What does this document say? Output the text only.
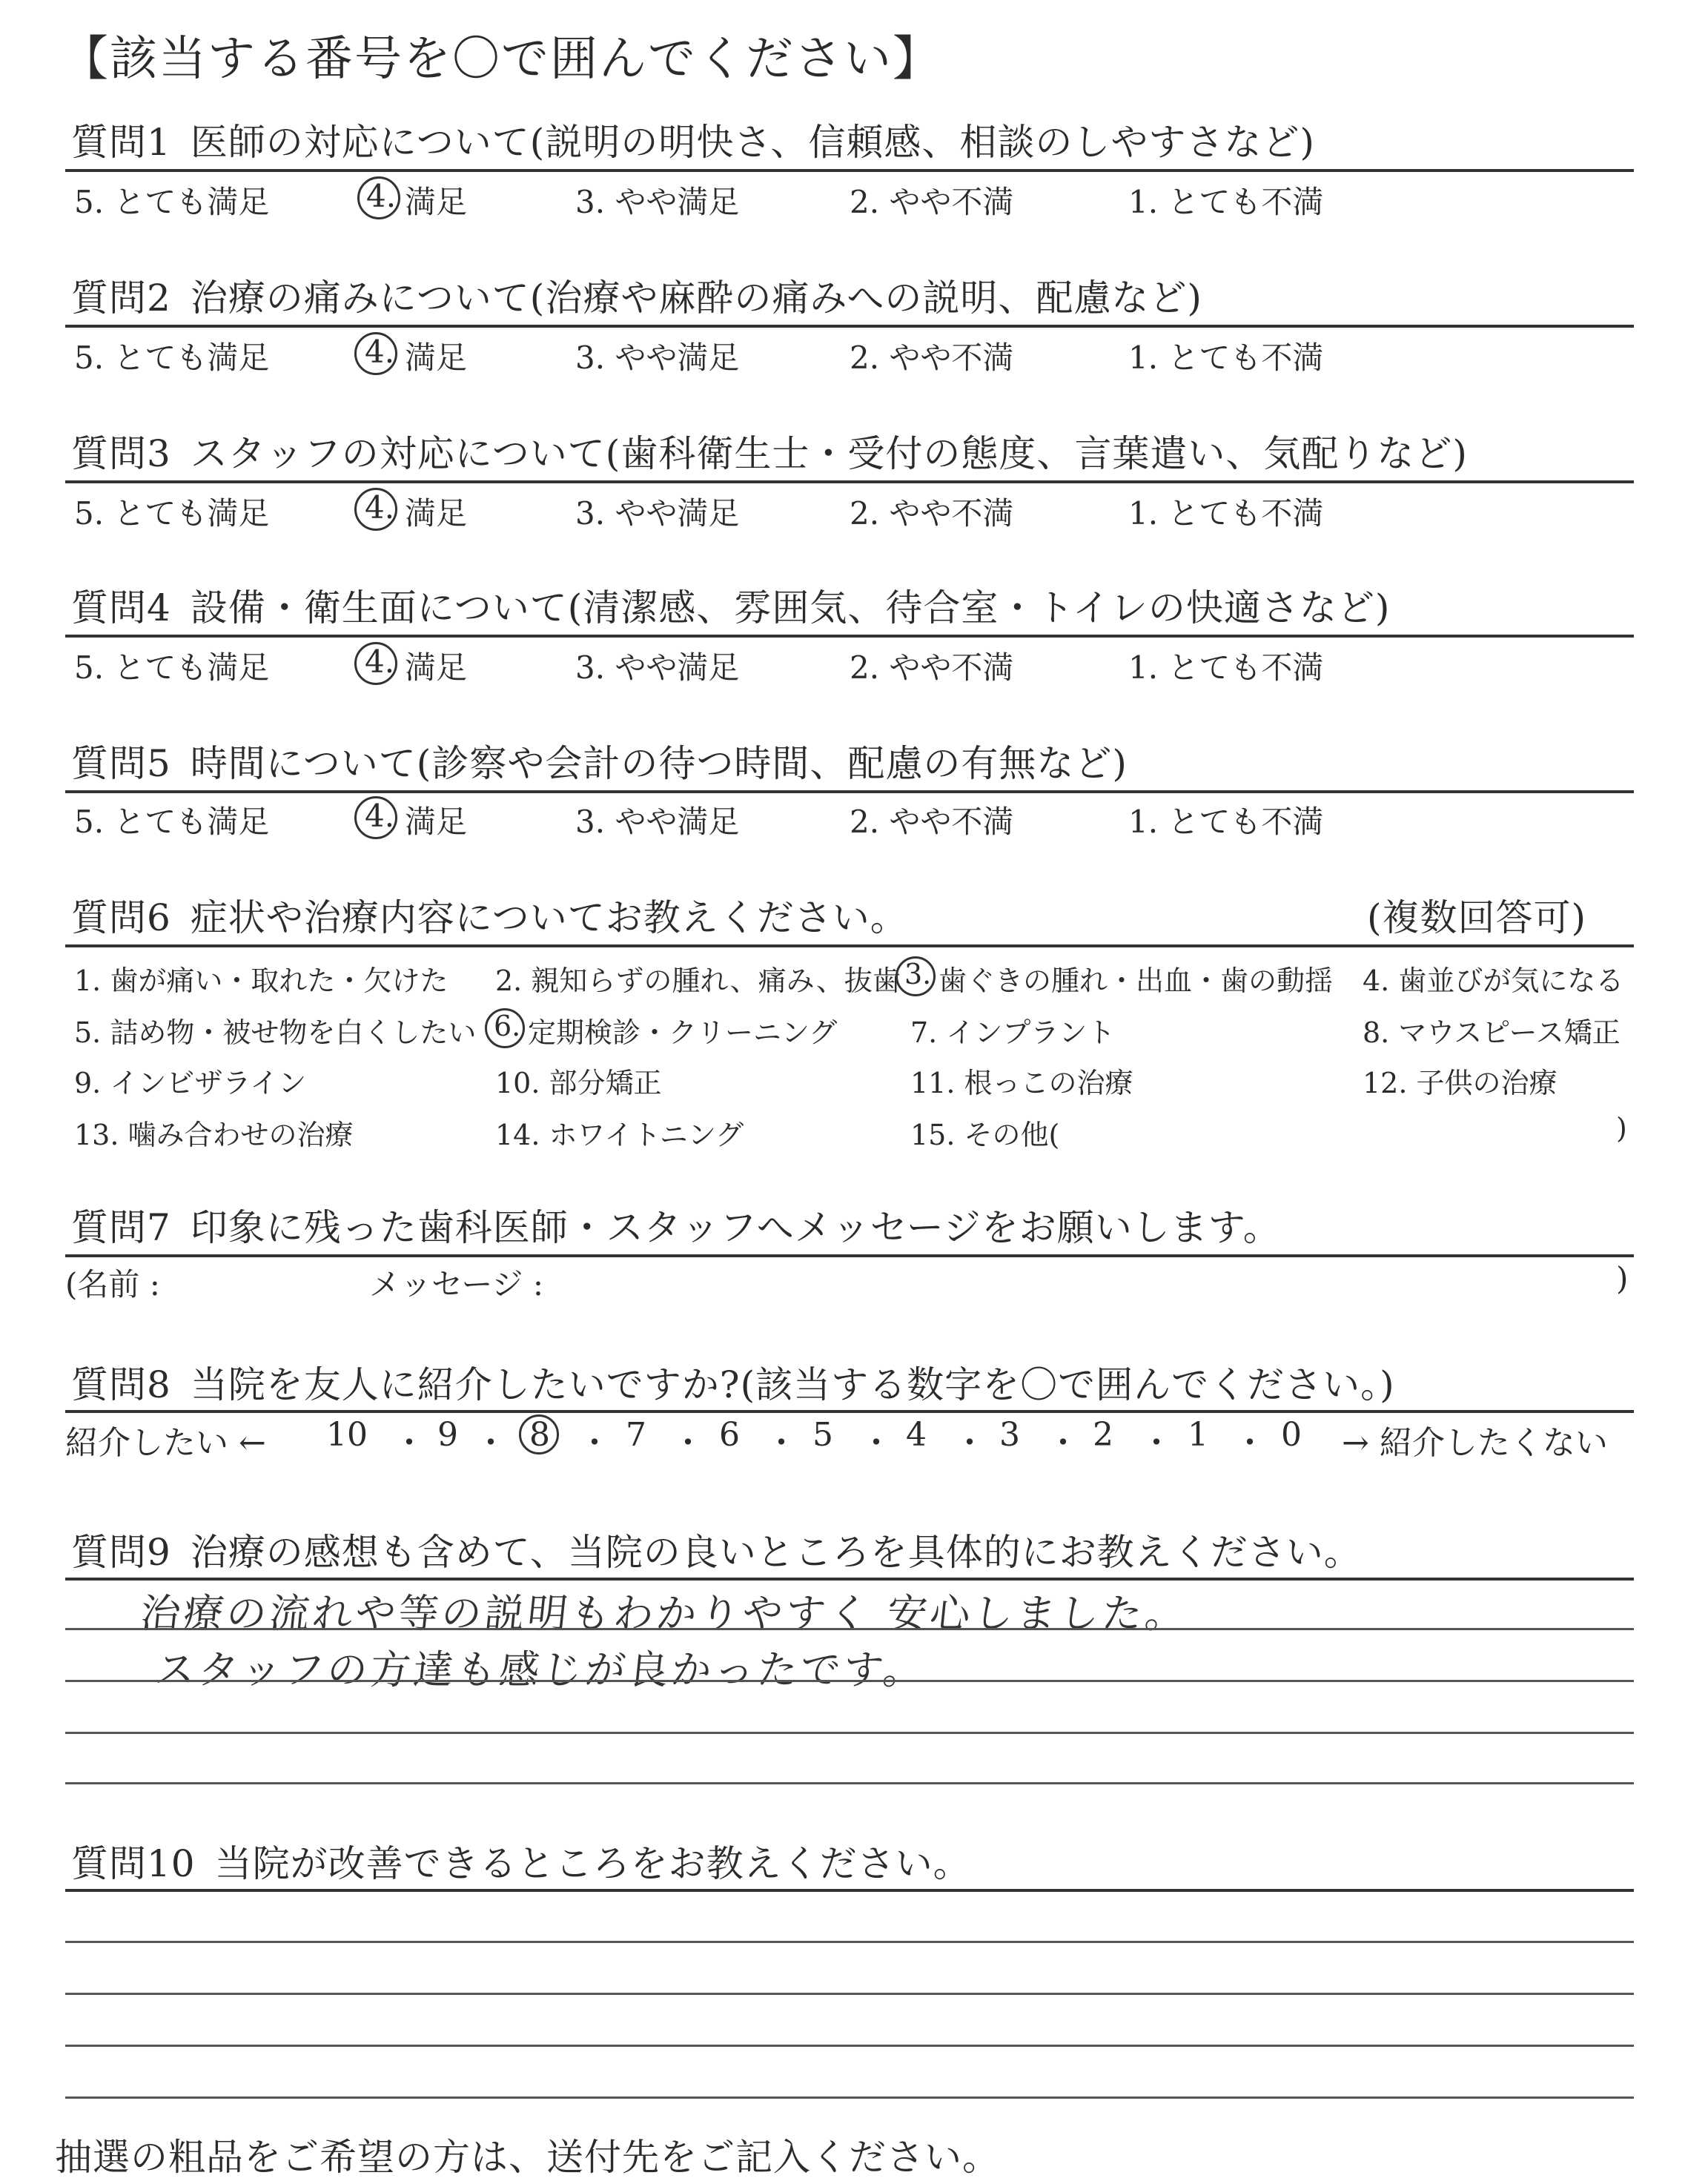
【該当する番号を〇で囲んでください】
質問1 医師の対応について(説明の明快さ、信頼感、相談のしやすさなど)
5. とても満足	4. 満足	3. やや満足	2. やや不満	1. とても不満
質問2 治療の痛みについて(治療や麻酔の痛みへの説明、配慮など)
5. とても満足	4. 満足	3. やや満足	2. やや不満	1. とても不満
質問3 スタッフの対応について(歯科衛生士・受付の態度、言葉遣い、気配りなど)
5. とても満足	4. 満足	3. やや満足	2. やや不満	1. とても不満
質問4 設備・衛生面について(清潔感、雰囲気、待合室・トイレの快適さなど)
5. とても満足	4. 満足	3. やや満足	2. やや不満	1. とても不満
質問5 時間について(診察や会計の待つ時間、配慮の有無など)
5. とても満足	4. 満足	3. やや満足	2. やや不満	1. とても不満
質問6 症状や治療内容についてお教えください。	(複数回答可)
1. 歯が痛い・取れた・欠けた 2. 親知らずの腫れ、痛み、抜歯 3. 歯ぐきの腫れ・出血・歯の動揺 4. 歯並びが気になる
5. 詰め物・被せ物を白くしたい 6. 定期検診・クリーニング	7. インプラント	8. マウスピース矯正
9. インビザライン	10. 部分矯正	11. 根っこの治療	12. 子供の治療
13. 噛み合わせの治療	14. ホワイトニング	15. その他(	)
質問7 印象に残った歯科医師・スタッフへメッセージをお願いします。
(名前 :	メッセージ :	)
質問8 当院を友人に紹介したいですか?(該当する数字を〇で囲んでください。)
紹介したい ← 10 ・ 9 ・ 8 ・ 7 ・ 6 ・ 5 ・ 4 ・ 3 ・ 2 ・ 1 ・ 0 → 紹介したくない
質問9 治療の感想も含めて、当院の良いところを具体的にお教えください。
治療の流れや等の説明もわかりやすく 安心しました。
スタッフの方達も感じが良かったです。
質問10 当院が改善できるところをお教えください。
抽選の粗品をご希望の方は、送付先をご記入ください。
